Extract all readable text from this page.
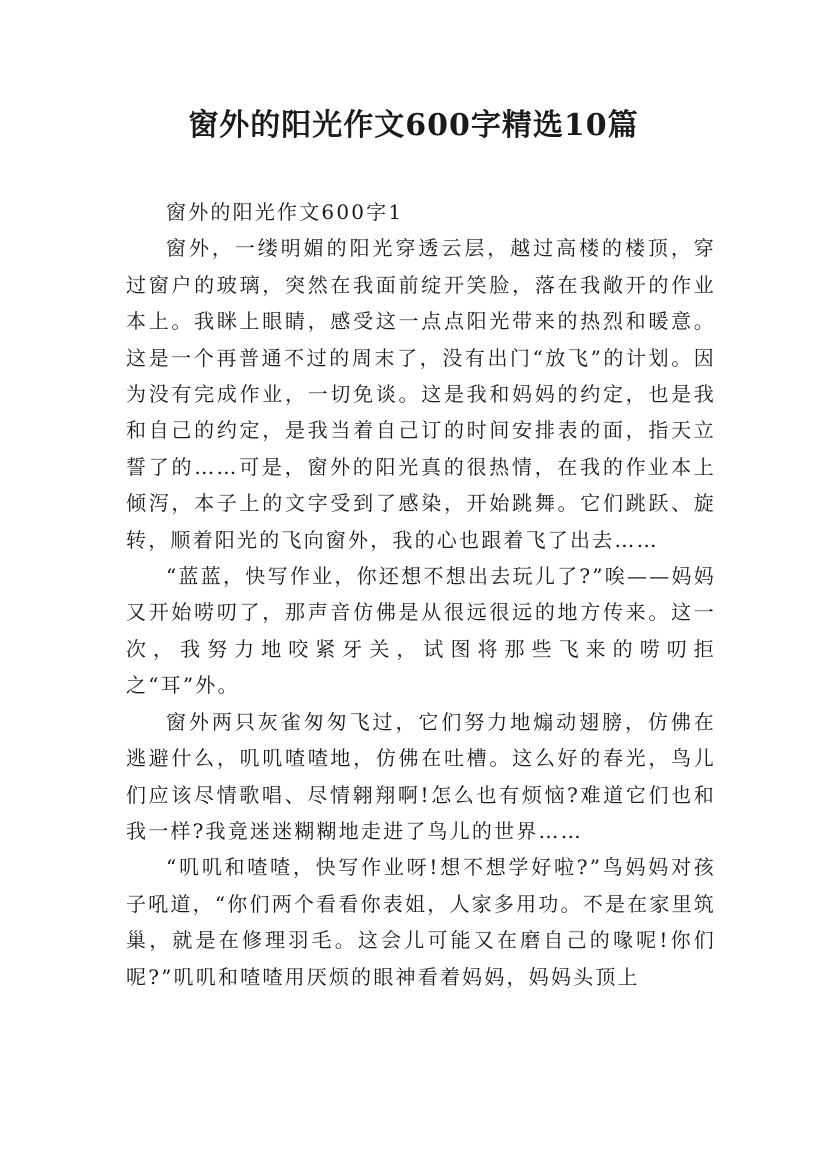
窗外的阳光作文600字精选10篇

窗外的阳光作文600字1

窗外，一缕明媚的阳光穿透云层，越过高楼的楼顶，穿过窗户的玻璃，突然在我面前绽开笑脸，落在我敞开的作业本上。我眯上眼睛，感受这一点点阳光带来的热烈和暖意。这是一个再普通不过的周末了，没有出门“放飞”的计划。因为没有完成作业，一切免谈。这是我和妈妈的约定，也是我和自己的约定，是我当着自己订的时间安排表的面，指天立誓了的……可是，窗外的阳光真的很热情，在我的作业本上倾泻，本子上的文字受到了感染，开始跳舞。它们跳跃、旋转，顺着阳光的飞向窗外，我的心也跟着飞了出去……

“蓝蓝，快写作业，你还想不想出去玩儿了?”唉——妈妈又开始唠叨了，那声音仿佛是从很远很远的地方传来。这一次，我努力地咬紧牙关，试图将那些飞来的唠叨拒之“耳”外。

窗外两只灰雀匆匆飞过，它们努力地煽动翅膀，仿佛在逃避什么，叽叽喳喳地，仿佛在吐槽。这么好的春光，鸟儿们应该尽情歌唱、尽情翱翔啊!怎么也有烦恼?难道它们也和我一样?我竟迷迷糊糊地走进了鸟儿的世界……

“叽叽和喳喳，快写作业呀!想不想学好啦?”鸟妈妈对孩子吼道，“你们两个看看你表姐，人家多用功。不是在家里筑巢，就是在修理羽毛。这会儿可能又在磨自己的喙呢!你们呢?”叽叽和喳喳用厌烦的眼神看着妈妈，妈妈头顶上
